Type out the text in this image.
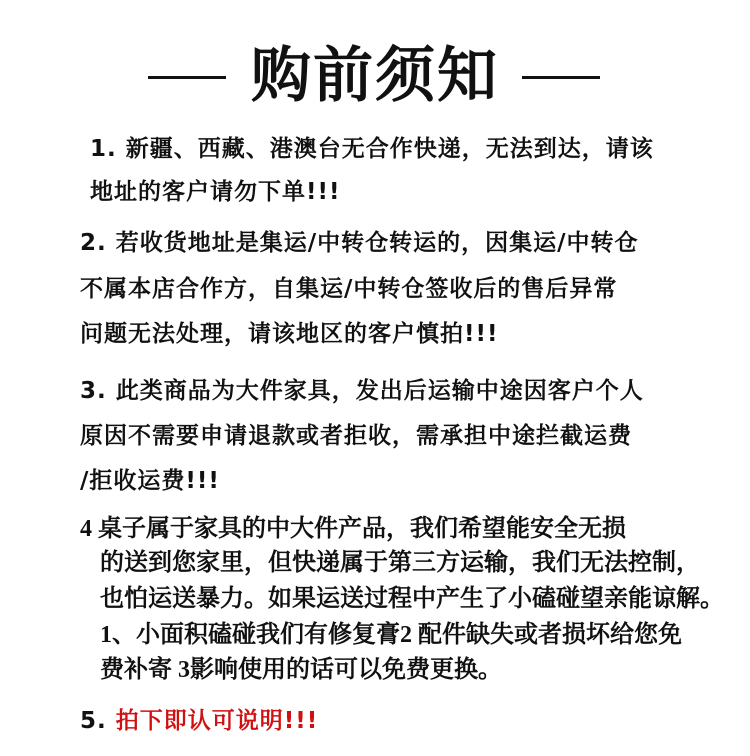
购前须知
1. 新疆、西藏、港澳台无合作快递，无法到达，请该
地址的客户请勿下单!!!
2. 若收货地址是集运/中转仓转运的，因集运/中转仓
不属本店合作方，自集运/中转仓签收后的售后异常
问题无法处理，请该地区的客户慎拍!!!
3. 此类商品为大件家具，发出后运输中途因客户个人
原因不需要申请退款或者拒收，需承担中途拦截运费
/拒收运费!!!
4 桌子属于家具的中大件产品，我们希望能安全无损
的送到您家里，但快递属于第三方运输，我们无法控制，
也怕运送暴力。如果运送过程中产生了小磕碰望亲能谅解。
1、小面积磕碰我们有修复膏2 配件缺失或者损坏给您免
费补寄 3影响使用的话可以免费更换。
5. 拍下即认可说明!!!
